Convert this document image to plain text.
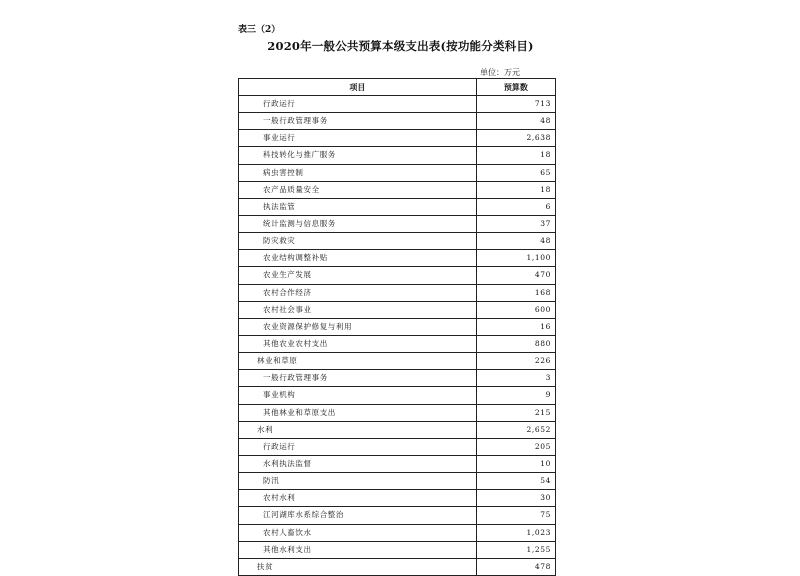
表三（2）
2020年一般公共预算本级支出表(按功能分类科目)
单位：万元
项目	预算数
行政运行	713
一般行政管理事务	48
事业运行	2,638
科技转化与推广服务	18
病虫害控制	65
农产品质量安全	18
执法监管	6
统计监测与信息服务	37
防灾救灾	48
农业结构调整补贴	1,100
农业生产发展	470
农村合作经济	168
农村社会事业	600
农业资源保护修复与利用	16
其他农业农村支出	880
林业和草原	226
一般行政管理事务	3
事业机构	9
其他林业和草原支出	215
水利	2,652
行政运行	205
水利执法监督	10
防汛	54
农村水利	30
江河湖库水系综合整治	75
农村人畜饮水	1,023
其他水利支出	1,255
扶贫	478
